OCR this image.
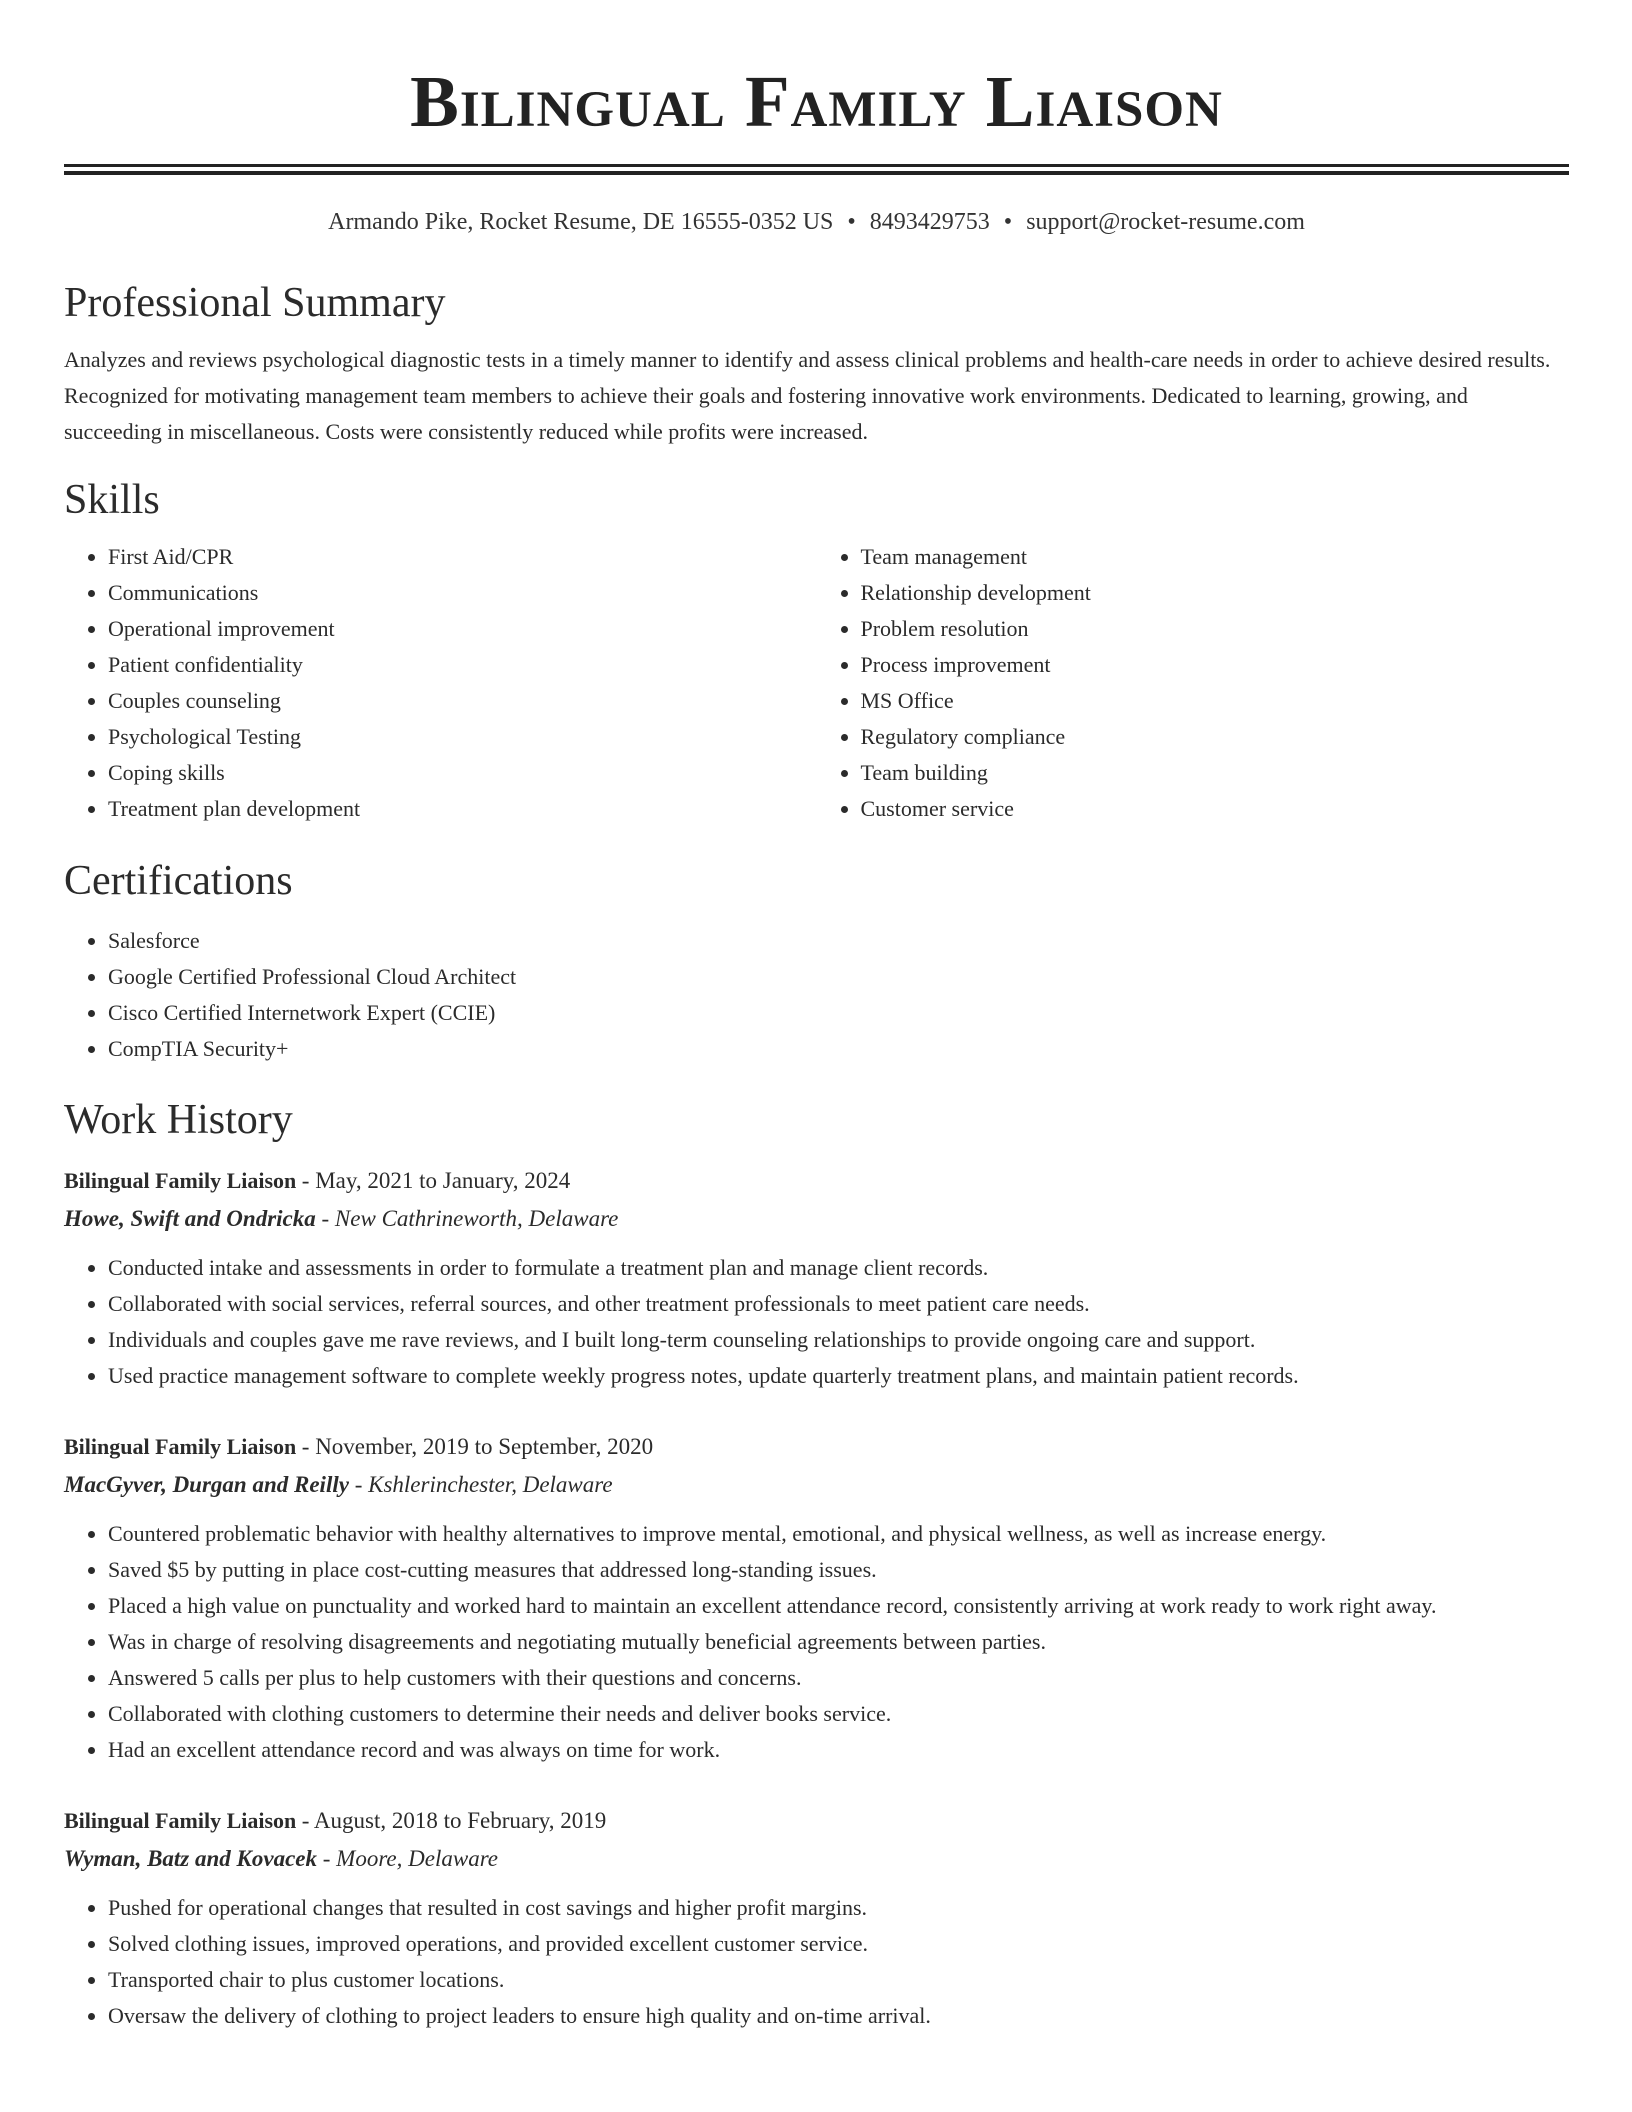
Bilingual Family Liaison
Armando Pike, Rocket Resume, DE 16555-0352 US • 8493429753 • support@rocket-resume.com
Professional Summary

Analyzes and reviews psychological diagnostic tests in a timely manner to identify and assess clinical problems and health-care needs in order to achieve desired results. Recognized for motivating management team members to achieve their goals and fostering innovative work environments. Dedicated to learning, growing, and succeeding in miscellaneous. Costs were consistently reduced while profits were increased.

Skills
• First Aid/CPR
• Communications
• Operational improvement
• Patient confidentiality
• Couples counseling
• Psychological Testing
• Coping skills
• Treatment plan development
• Team management
• Relationship development
• Problem resolution
• Process improvement
• MS Office
• Regulatory compliance
• Team building
• Customer service
Certifications
• Salesforce
• Google Certified Professional Cloud Architect
• Cisco Certified Internetwork Expert (CCIE)
• CompTIA Security+
Work History
Bilingual Family Liaison - May, 2021 to January, 2024
Howe, Swift and Ondricka - New Cathrineworth, Delaware
• Conducted intake and assessments in order to formulate a treatment plan and manage client records.
• Collaborated with social services, referral sources, and other treatment professionals to meet patient care needs.
• Individuals and couples gave me rave reviews, and I built long-term counseling relationships to provide ongoing care and support.
• Used practice management software to complete weekly progress notes, update quarterly treatment plans, and maintain patient records.
Bilingual Family Liaison - November, 2019 to September, 2020
MacGyver, Durgan and Reilly - Kshlerinchester, Delaware
• Countered problematic behavior with healthy alternatives to improve mental, emotional, and physical wellness, as well as increase energy.
• Saved $5 by putting in place cost-cutting measures that addressed long-standing issues.
• Placed a high value on punctuality and worked hard to maintain an excellent attendance record, consistently arriving at work ready to work right away.
• Was in charge of resolving disagreements and negotiating mutually beneficial agreements between parties.
• Answered 5 calls per plus to help customers with their questions and concerns.
• Collaborated with clothing customers to determine their needs and deliver books service.
• Had an excellent attendance record and was always on time for work.
Bilingual Family Liaison - August, 2018 to February, 2019
Wyman, Batz and Kovacek - Moore, Delaware
• Pushed for operational changes that resulted in cost savings and higher profit margins.
• Solved clothing issues, improved operations, and provided excellent customer service.
• Transported chair to plus customer locations.
• Oversaw the delivery of clothing to project leaders to ensure high quality and on-time arrival.
